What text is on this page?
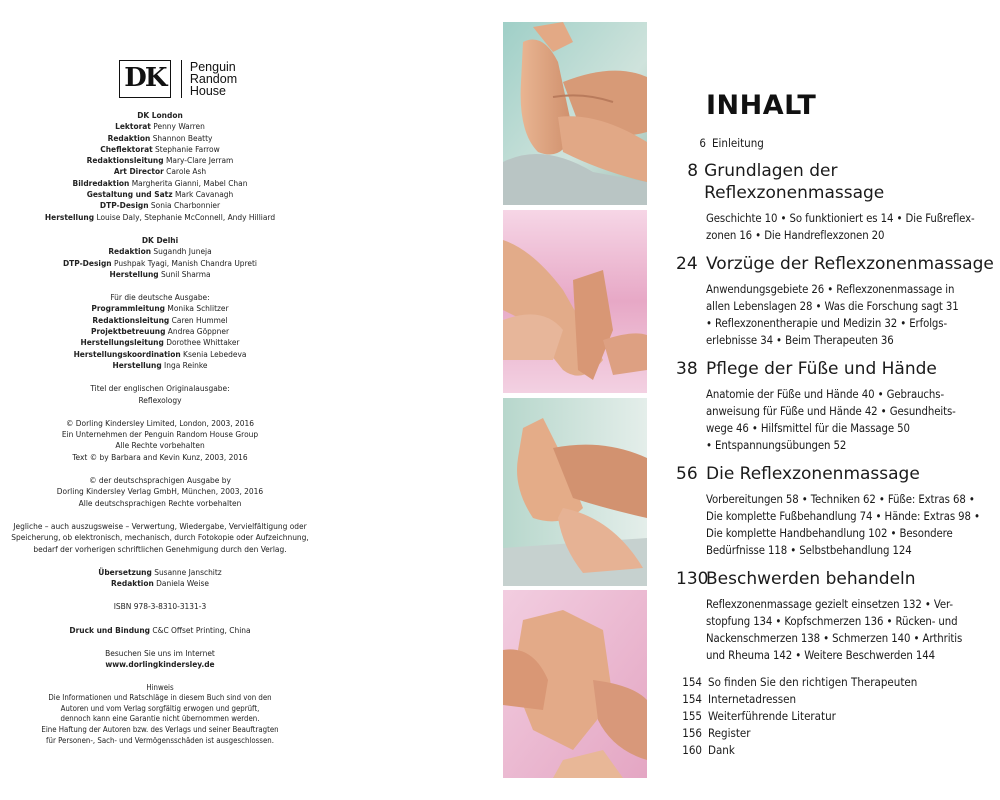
DK	Penguin
Random
House
DK London
Lektorat Penny Warren
Redaktion Shannon Beatty
Cheflektorat Stephanie Farrow
Redaktionsleitung Mary-Clare Jerram
Art Director Carole Ash
Bildredaktion Margherita Gianni, Mabel Chan
Gestaltung und Satz Mark Cavanagh
DTP-Design Sonia Charbonnier
Herstellung Louise Daly, Stephanie McConnell, Andy Hilliard
DK Delhi
Redaktion Sugandh Juneja
DTP-Design Pushpak Tyagi, Manish Chandra Upreti
Herstellung Sunil Sharma
Für die deutsche Ausgabe:
Programmleitung Monika Schlitzer
Redaktionsleitung Caren Hummel
Projektbetreuung Andrea Göppner
Herstellungsleitung Dorothee Whittaker
Herstellungskoordination Ksenia Lebedeva
Herstellung Inga Reinke
Titel der englischen Originalausgabe:
Reflexology
© Dorling Kindersley Limited, London, 2003, 2016
Ein Unternehmen der Penguin Random House Group
Alle Rechte vorbehalten
Text © by Barbara and Kevin Kunz, 2003, 2016
© der deutschsprachigen Ausgabe by
Dorling Kindersley Verlag GmbH, München, 2003, 2016
Alle deutschsprachigen Rechte vorbehalten
Jegliche – auch auszugsweise – Verwertung, Wiedergabe, Vervielfältigung oder
Speicherung, ob elektronisch, mechanisch, durch Fotokopie oder Aufzeichnung,
bedarf der vorherigen schriftlichen Genehmigung durch den Verlag.
Übersetzung Susanne Janschitz
Redaktion Daniela Weise
ISBN 978-3-8310-3131-3
Druck und Bindung C&C Offset Printing, China
Besuchen Sie uns im Internet
www.dorlingkindersley.de
Hinweis
Die Informationen und Ratschläge in diesem Buch sind von den
Autoren und vom Verlag sorgfältig erwogen und geprüft,
dennoch kann eine Garantie nicht übernommen werden.
Eine Haftung der Autoren bzw. des Verlags und seiner Beauftragten
für Personen-, Sach- und Vermögensschäden ist ausgeschlossen.
INHALT
6 Einleitung
8 Grundlagen der Reflexzonenmassage
Geschichte 10 • So funktioniert es 14 • Die Fußreflex-
zonen 16 • Die Handreflexzonen 20
24 Vorzüge der Reflexzonenmassage
Anwendungsgebiete 26 • Reflexzonenmassage in
allen Lebenslagen 28 • Was die Forschung sagt 31
• Reflexzonentherapie und Medizin 32 • Erfolgs-
erlebnisse 34 • Beim Therapeuten 36
38 Pflege der Füße und Hände
Anatomie der Füße und Hände 40 • Gebrauchs-
anweisung für Füße und Hände 42 • Gesundheits-
wege 46 • Hilfsmittel für die Massage 50
• Entspannungsübungen 52
56 Die Reflexzonenmassage
Vorbereitungen 58 • Techniken 62 • Füße: Extras 68 •
Die komplette Fußbehandlung 74 • Hände: Extras 98 •
Die komplette Handbehandlung 102 • Besondere
Bedürfnisse 118 • Selbstbehandlung 124
130
Beschwerden behandeln
Reflexzonenmassage gezielt einsetzen 132 • Ver-
stopfung 134 • Kopfschmerzen 136 • Rücken- und
Nackenschmerzen 138 • Schmerzen 140 • Arthritis
und Rheuma 142 • Weitere Beschwerden 144
154 So finden Sie den richtigen Therapeuten
154 Internetadressen
155 Weiterführende Literatur
156 Register
160 Dank
